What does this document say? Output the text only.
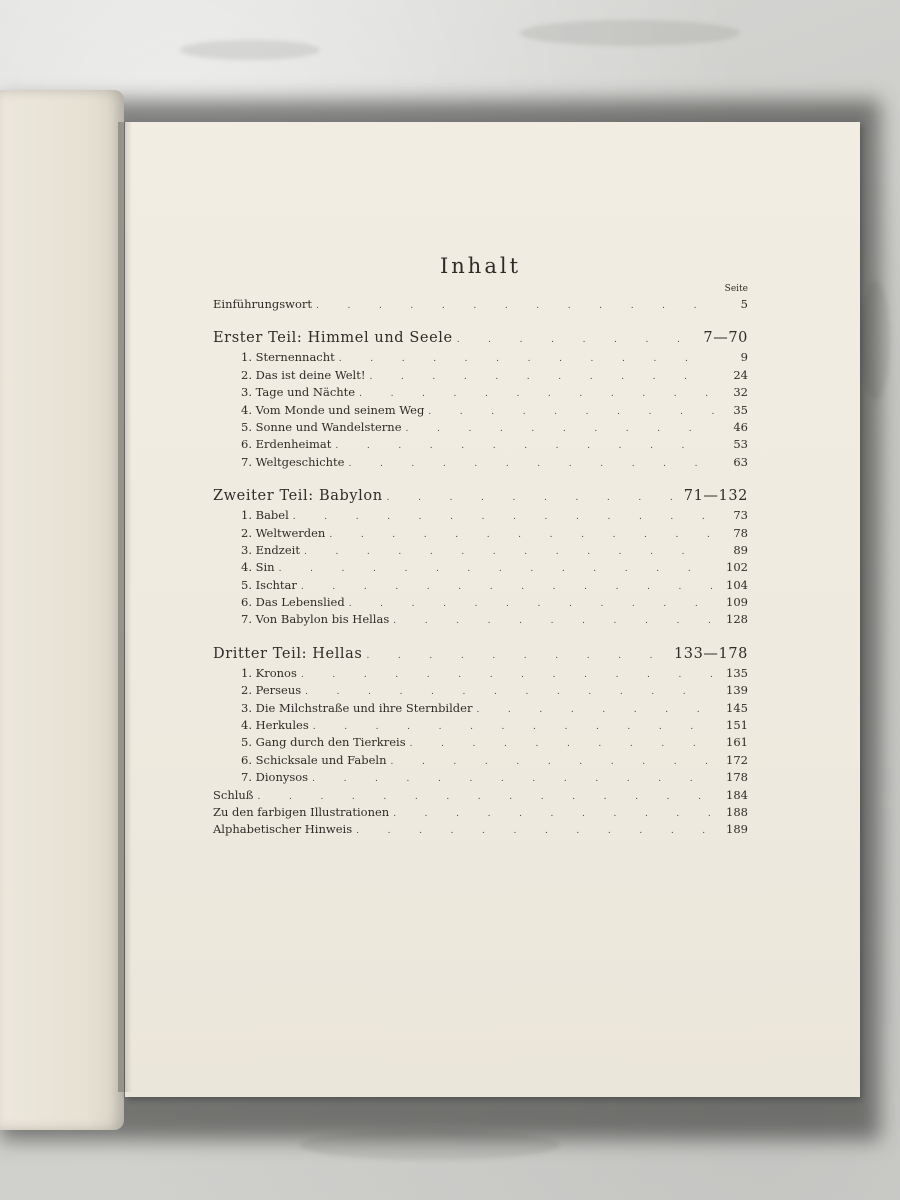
Inhalt
Seite
Einführungswort .	5
Erster Teil: Himmel und Seele .	7—70
1. Sternennacht .	9
2. Das ist deine Welt! .	24
3. Tage und Nächte .	32
4. Vom Monde und seinem Weg .	35
5. Sonne und Wandelsterne .	46
6. Erdenheimat .	53
7. Weltgeschichte .	63
Zweiter Teil: Babylon .	71—132
1. Babel .	73
2. Weltwerden .	78
3. Endzeit .	89
4. Sin .	102
5. Ischtar .	104
6. Das Lebenslied .	109
7. Von Babylon bis Hellas .	128
Dritter Teil: Hellas .	133—178
1. Kronos .	135
2. Perseus .	139
3. Die Milchstraße und ihre Sternbilder .	145
4. Herkules .	151
5. Gang durch den Tierkreis .	161
6. Schicksale und Fabeln .	172
7. Dionysos .	178
Schluß .	184
Zu den farbigen Illustrationen .	188
Alphabetischer Hinweis .	189
